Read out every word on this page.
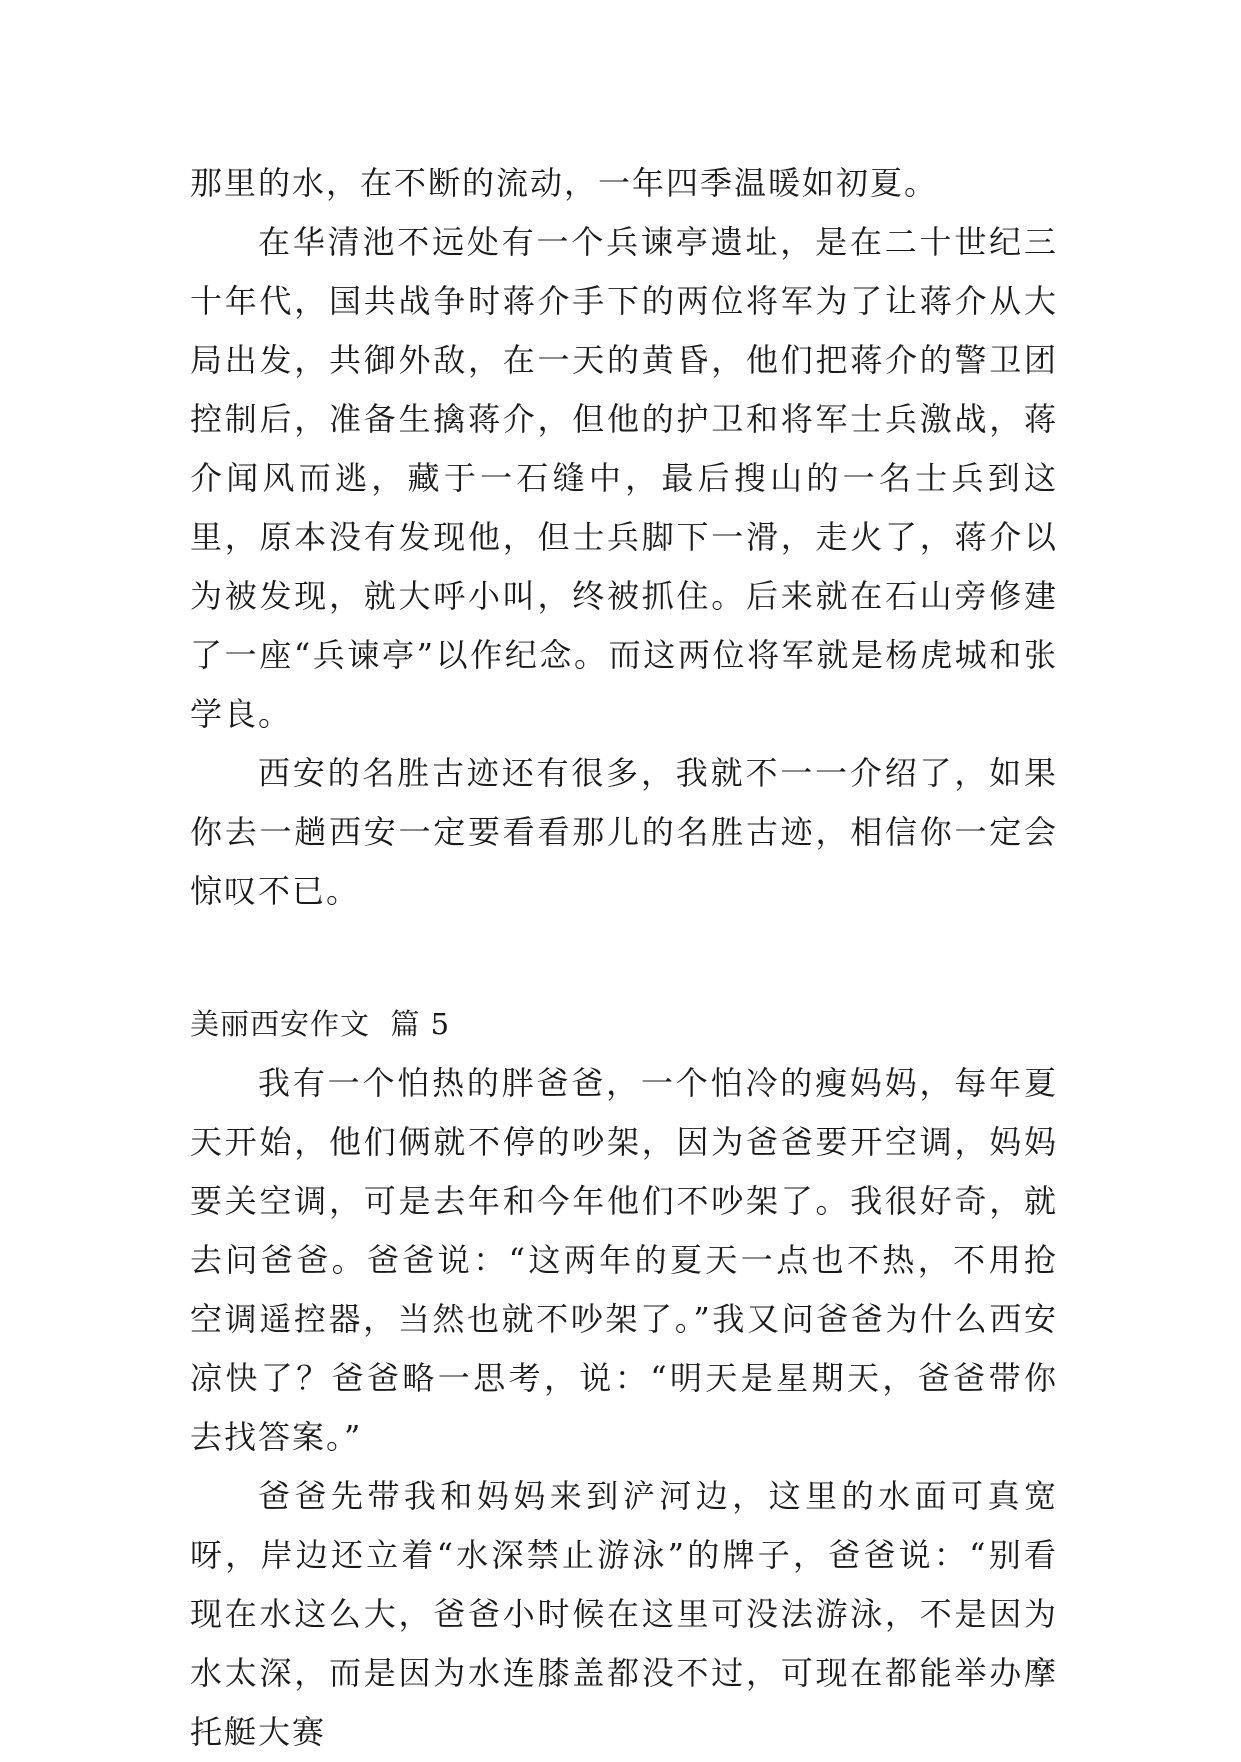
那里的水，在不断的流动，一年四季温暖如初夏。

在华清池不远处有一个兵谏亭遗址，是在二十世纪三十年代，国共战争时蒋介手下的两位将军为了让蒋介从大局出发，共御外敌，在一天的黄昏，他们把蒋介的警卫团控制后，准备生擒蒋介，但他的护卫和将军士兵激战，蒋介闻风而逃，藏于一石缝中，最后搜山的一名士兵到这里，原本没有发现他，但士兵脚下一滑，走火了，蒋介以为被发现，就大呼小叫，终被抓住。后来就在石山旁修建了一座“兵谏亭”以作纪念。而这两位将军就是杨虎城和张学良。

西安的名胜古迹还有很多，我就不一一介绍了，如果你去一趟西安一定要看看那儿的名胜古迹，相信你一定会惊叹不已。

美丽西安作文  篇 5

我有一个怕热的胖爸爸，一个怕冷的瘦妈妈，每年夏天开始，他们俩就不停的吵架，因为爸爸要开空调，妈妈要关空调，可是去年和今年他们不吵架了。我很好奇，就去问爸爸。爸爸说：“这两年的夏天一点也不热，不用抢空调遥控器，当然也就不吵架了。”我又问爸爸为什么西安凉快了？爸爸略一思考，说：“明天是星期天，爸爸带你去找答案。”

爸爸先带我和妈妈来到浐河边，这里的水面可真宽呀，岸边还立着“水深禁止游泳”的牌子，爸爸说：“别看现在水这么大，爸爸小时候在这里可没法游泳，不是因为水太深，而是因为水连膝盖都没不过，可现在都能举办摩托艇大赛
